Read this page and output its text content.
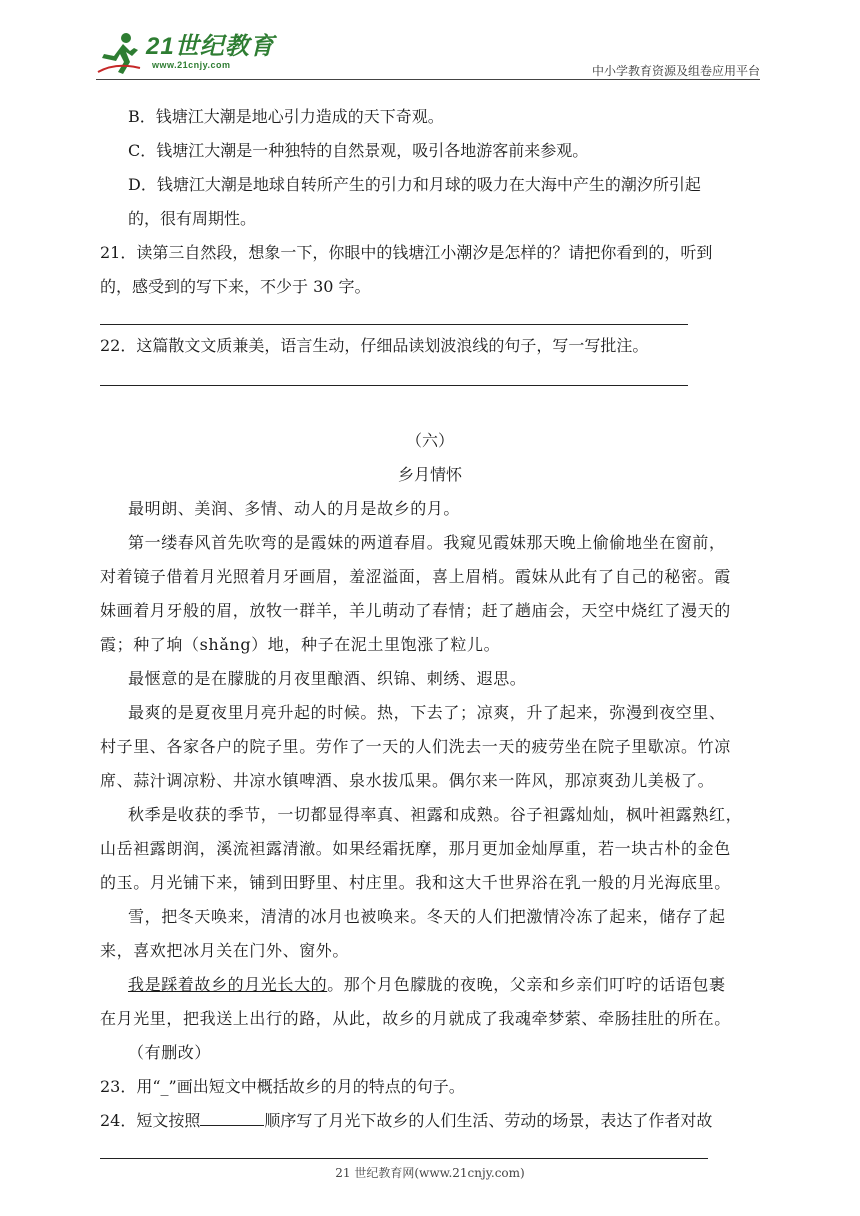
21世纪教育
www.21cnjy.com	中小学教育资源及组卷应用平台
B．钱塘江大潮是地心引力造成的天下奇观。
C．钱塘江大潮是一种独特的自然景观，吸引各地游客前来参观。
D．钱塘江大潮是地球自转所产生的引力和月球的吸力在大海中产生的潮汐所引起
的，很有周期性。
21．读第三自然段，想象一下，你眼中的钱塘江小潮汐是怎样的？请把你看到的，听到
的，感受到的写下来，不少于 30 字。
22．这篇散文文质兼美，语言生动，仔细品读划波浪线的句子，写一写批注。
（六）
乡月情怀
最明朗、美润、多情、动人的月是故乡的月。
第一缕春风首先吹弯的是霞妹的两道春眉。我窥见霞妹那天晚上偷偷地坐在窗前，
对着镜子借着月光照着月牙画眉，羞涩溢面，喜上眉梢。霞妹从此有了自己的秘密。霞
妹画着月牙般的眉，放牧一群羊，羊儿萌动了春情；赶了趟庙会，天空中烧红了漫天的
霞；种了垧（shǎng）地，种子在泥土里饱涨了粒儿。
最惬意的是在朦胧的月夜里酿酒、织锦、刺绣、遐思。
最爽的是夏夜里月亮升起的时候。热，下去了；凉爽，升了起来，弥漫到夜空里、
村子里、各家各户的院子里。劳作了一天的人们洗去一天的疲劳坐在院子里歇凉。竹凉
席、蒜汁调凉粉、井凉水镇啤酒、泉水拔瓜果。偶尔来一阵风，那凉爽劲儿美极了。
秋季是收获的季节，一切都显得率真、袒露和成熟。谷子袒露灿灿，枫叶袒露熟红，
山岳袒露朗润，溪流袒露清澈。如果经霜抚摩，那月更加金灿厚重，若一块古朴的金色
的玉。月光铺下来，铺到田野里、村庄里。我和这大千世界浴在乳一般的月光海底里。
雪，把冬天唤来，清清的冰月也被唤来。冬天的人们把激情冷冻了起来，储存了起
来，喜欢把冰月关在门外、窗外。
我是踩着故乡的月光长大的。那个月色朦胧的夜晚，父亲和乡亲们叮咛的话语包裹
在月光里，把我送上出行的路，从此，故乡的月就成了我魂牵梦萦、牵肠挂肚的所在。
（有删改）
23．用“_”画出短文中概括故乡的月的特点的句子。
24．短文按照	顺序写了月光下故乡的人们生活、劳动的场景，表达了作者对故
21 世纪教育网(www.21cnjy.com)
